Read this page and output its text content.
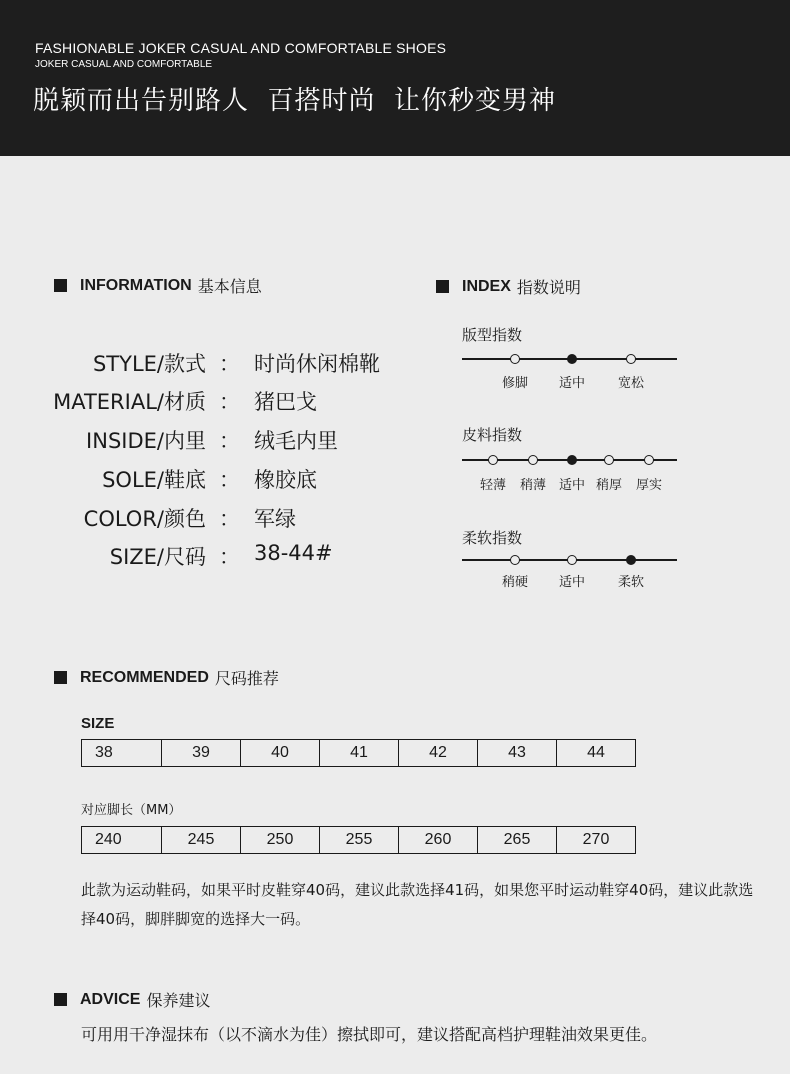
FASHIONABLE JOKER CASUAL AND COMFORTABLE SHOES
JOKER CASUAL AND COMFORTABLE
脱颖而出告别路人  百搭时尚  让你秒变男神
INFORMATION 基本信息
STYLE/款式 ： 时尚休闲棉靴
MATERIAL/材质 ： 猪巴戈
INSIDE/内里 ： 绒毛内里
SOLE/鞋底 ： 橡胶底
COLOR/颜色 ： 军绿
SIZE/尺码 ： 38-44#
INDEX 指数说明
版型指数
修脚 适中	宽松
皮料指数
轻薄 稍薄 适中 稍厚 厚实
柔软指数
稍硬 适中	柔软
RECOMMENDED 尺码推荐
SIZE
38	39	40	41	42	43	44
对应脚长（MM）
240	245	250	255	260	265	270
此款为运动鞋码，如果平时皮鞋穿40码，建议此款选择41码，如果您平时运动鞋穿40码，建议此款选择40码，脚胖脚宽的选择大一码。
ADVICE 保养建议
可用用干净湿抹布（以不滴水为佳）擦拭即可，建议搭配高档护理鞋油效果更佳。
